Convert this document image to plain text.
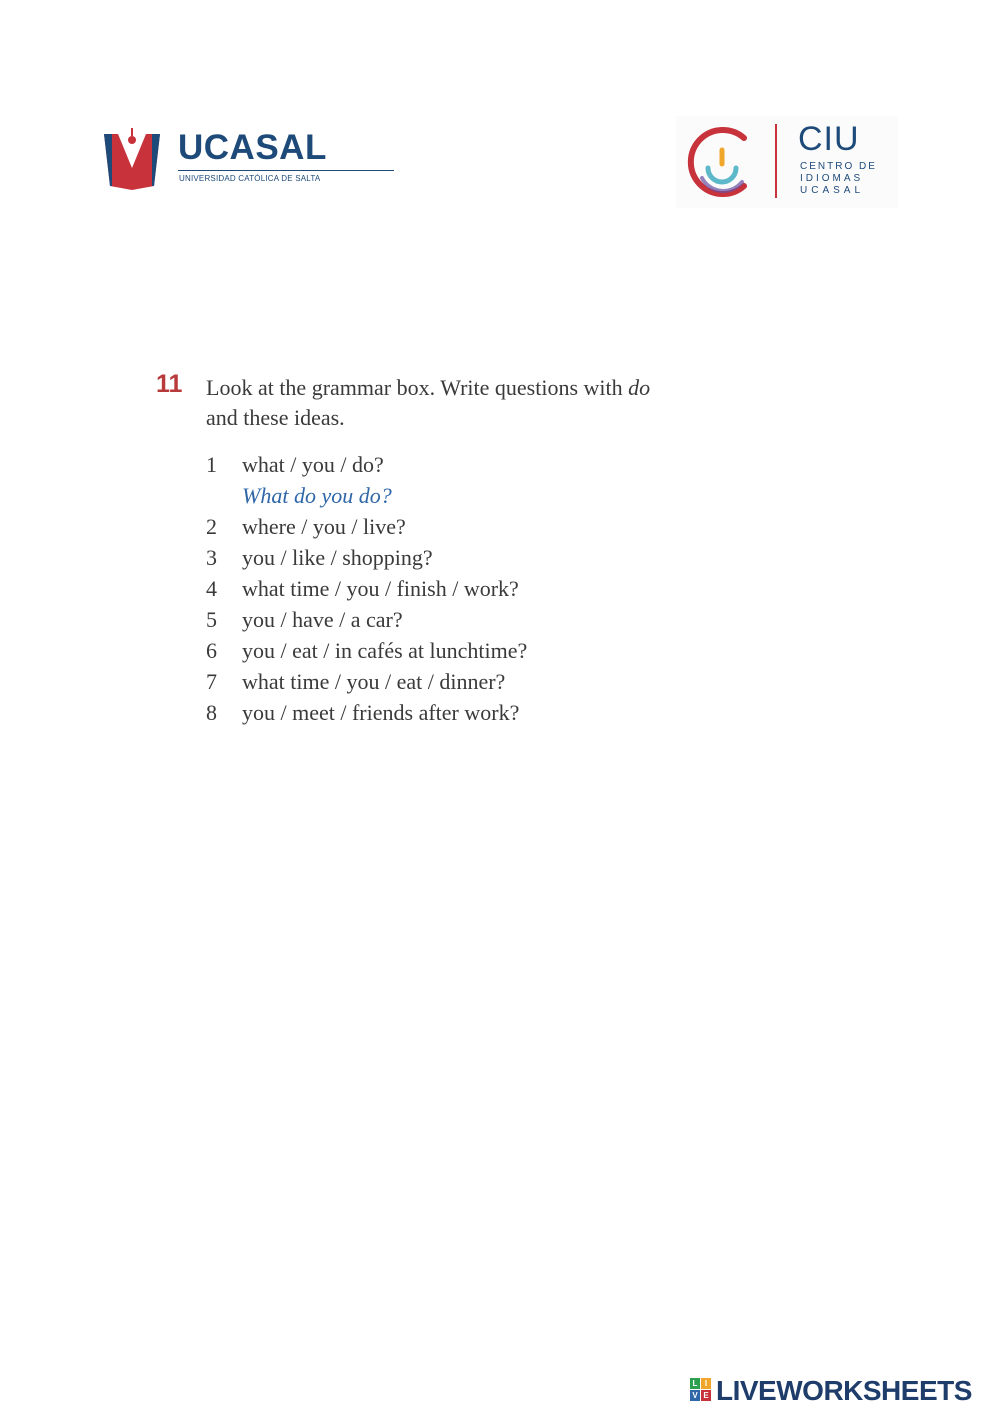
UCASAL
UNIVERSIDAD CATÓLICA DE SALTA
CIU
CENTRO DE
IDIOMAS
UCASAL
11 Look at the grammar box. Write questions with do
and these ideas.
1	what / you / do?
What do you do?
2	where / you / live?
3	you / like / shopping?
4	what time / you / finish / work?
5	you / have / a car?
6	you / eat / in cafés at lunchtime?
7	what time / you / eat / dinner?
8	you / meet / friends after work?
L I
V E LIVEWORKSHEETS
